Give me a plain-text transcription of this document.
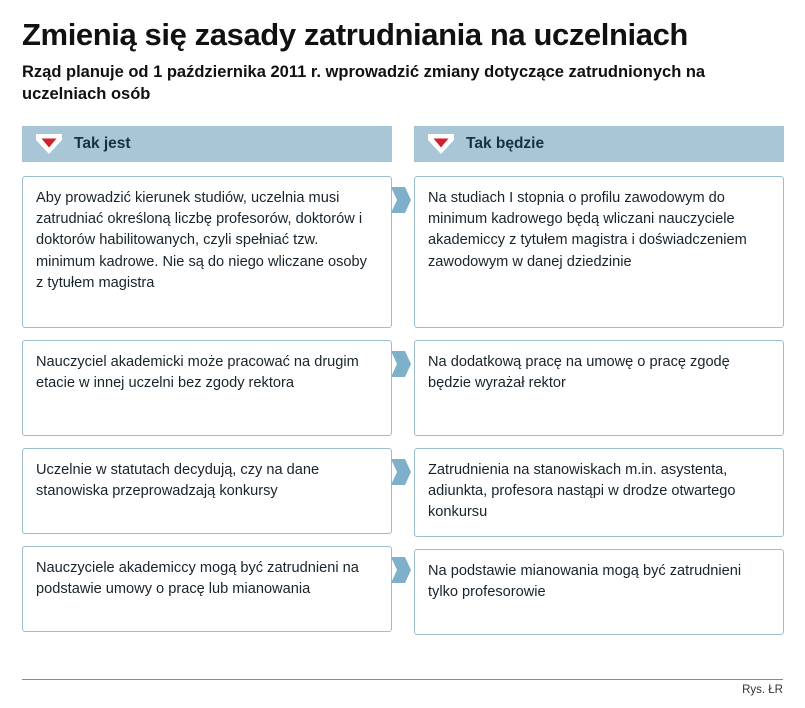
Zmienią się zasady zatrudniania na uczelniach

Rząd planuje od 1 października 2011 r. wprowadzić zmiany dotyczące zatrudnionych na uczelniach osób

Tak jest

Aby prowadzić kierunek studiów, uczelnia musi zatrudniać określoną liczbę profesorów, doktorów i doktorów habilitowanych, czyli spełniać tzw. minimum kadrowe. Nie są do niego wliczane osoby z tytułem magistra

Nauczyciel akademicki może pracować na drugim etacie w innej uczelni bez zgody rektora

Uczelnie w statutach decydują, czy na dane stanowiska przeprowadzają konkursy

Nauczyciele akademiccy mogą być zatrudnieni na podstawie umowy o pracę lub mianowania

Tak będzie

Na studiach I stopnia o profilu zawodowym do minimum kadrowego będą wliczani nauczyciele akademiccy z tytułem magistra i doświadczeniem zawodowym w danej dziedzinie

Na dodatkową pracę na umowę o pracę zgodę będzie wyrażał rektor

Zatrudnienia na stanowiskach m.in. asystenta, adiunkta, profesora nastąpi w drodze otwartego konkursu

Na podstawie mianowania mogą być zatrudnieni tylko profesorowie

Rys. ŁR
